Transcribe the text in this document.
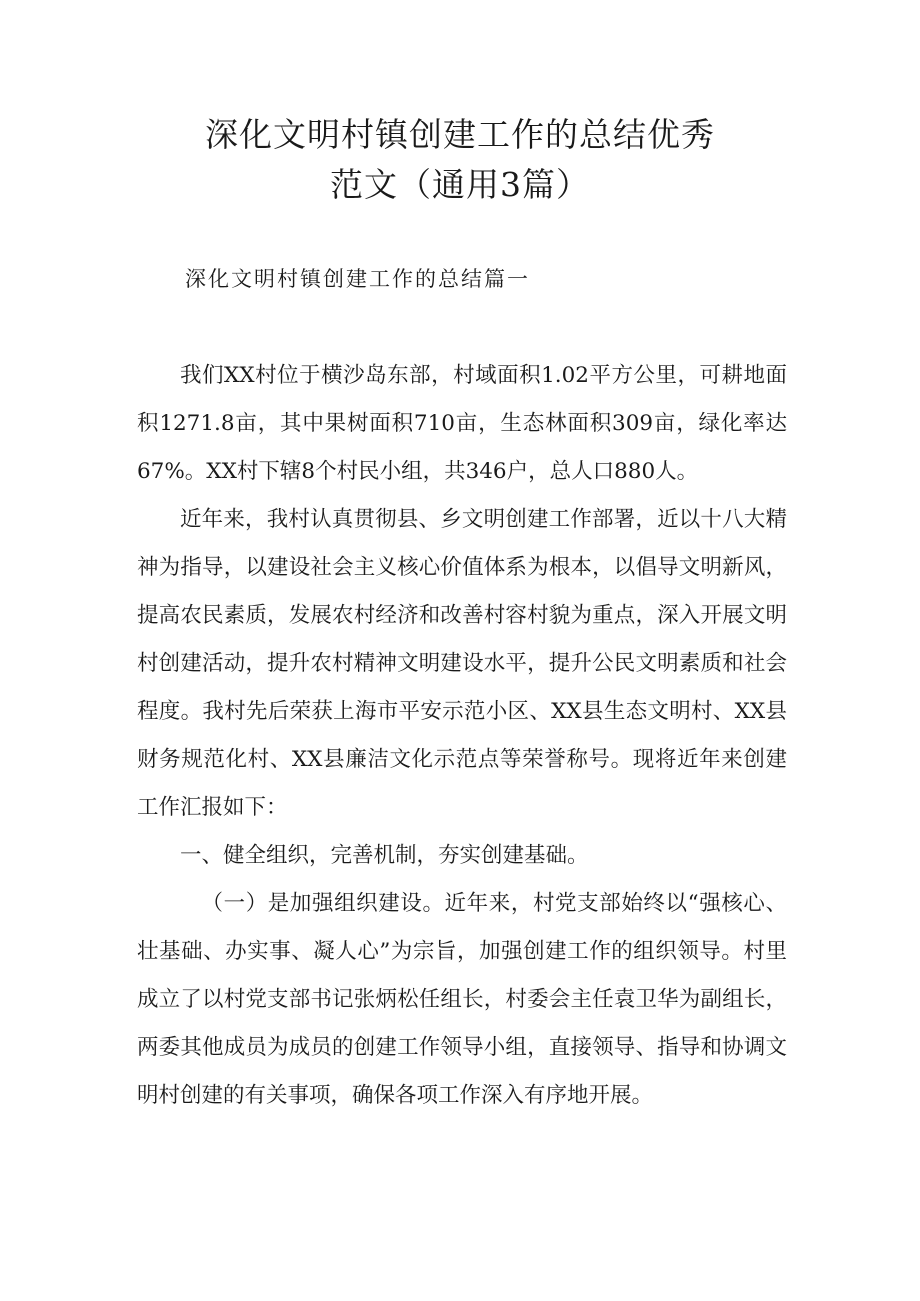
深化文明村镇创建工作的总结优秀
范文（通用3篇）
深化文明村镇创建工作的总结篇一

我们XX村位于横沙岛东部，村域面积1.02平方公里，可耕地面积1271.8亩，其中果树面积710亩，生态林面积309亩，绿化率达67%。XX村下辖8个村民小组，共346户，总人口880人。

近年来，我村认真贯彻县、乡文明创建工作部署，近以十八大精神为指导，以建设社会主义核心价值体系为根本，以倡导文明新风，提高农民素质，发展农村经济和改善村容村貌为重点，深入开展文明村创建活动，提升农村精神文明建设水平，提升公民文明素质和社会程度。我村先后荣获上海市平安示范小区、XX县生态文明村、XX县财务规范化村、XX县廉洁文化示范点等荣誉称号。现将近年来创建工作汇报如下：

一、健全组织，完善机制，夯实创建基础。

（一）是加强组织建设。近年来，村党支部始终以“强核心、壮基础、办实事、凝人心”为宗旨，加强创建工作的组织领导。村里成立了以村党支部书记张炳松任组长，村委会主任袁卫华为副组长，两委其他成员为成员的创建工作领导小组，直接领导、指导和协调文明村创建的有关事项，确保各项工作深入有序地开展。
